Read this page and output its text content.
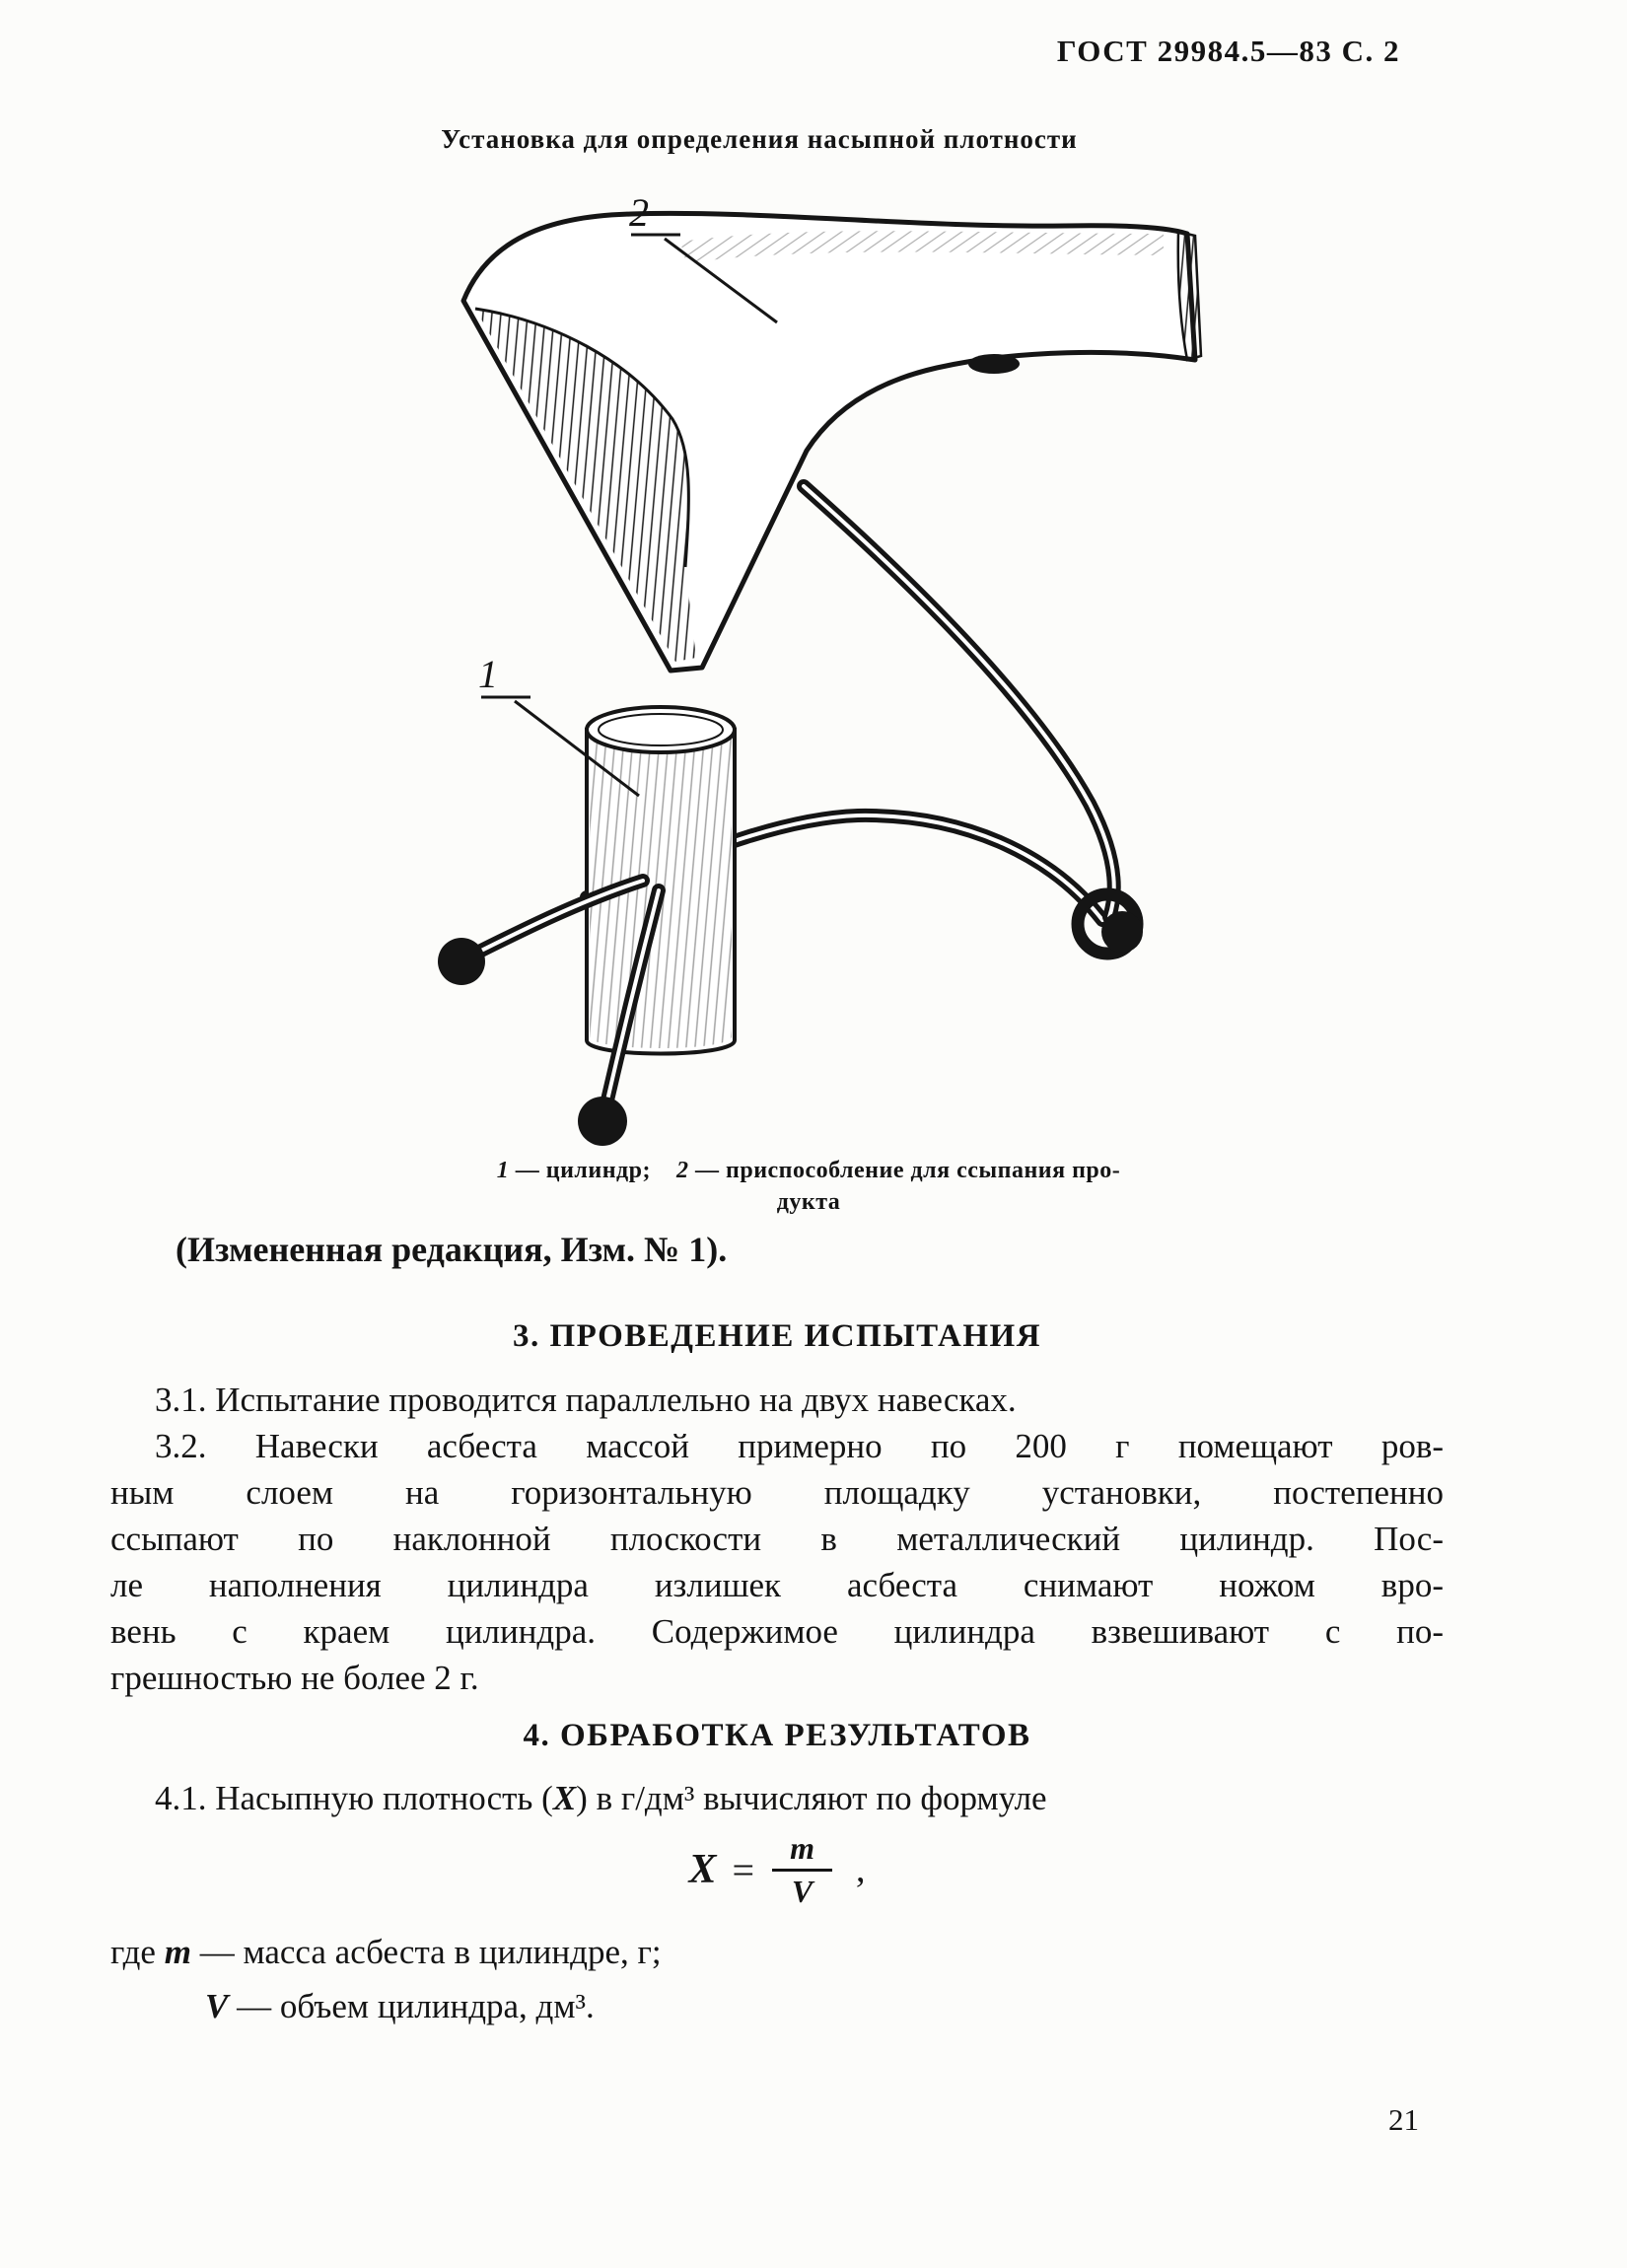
ГОСТ 29984.5—83 С. 2
Установка для определения насыпной плотности
2
1
1 — цилиндр;    2 — приспособление для ссыпания про-
дукта
(Измененная редакция, Изм. № 1).
3. ПРОВЕДЕНИЕ ИСПЫТАНИЯ
3.1. Испытание проводится параллельно на двух навесках.
3.2. Навески асбеста массой примерно по 200 г помещают ров-
ным слоем на горизонтальную площадку установки, постепенно
ссыпают по наклонной плоскости в металлический цилиндр. Пос-
ле наполнения цилиндра излишек асбеста снимают ножом вро-
вень с краем цилиндра. Содержимое цилиндра взвешивают с по-
грешностью не более 2 г.
4. ОБРАБОТКА РЕЗУЛЬТАТОВ
4.1. Насыпную плотность (X) в г/дм³ вычисляют по формуле
$X = \frac{m}{V}$ ,
где m — масса асбеста в цилиндре, г;
V — объем цилиндра, дм³.
21
